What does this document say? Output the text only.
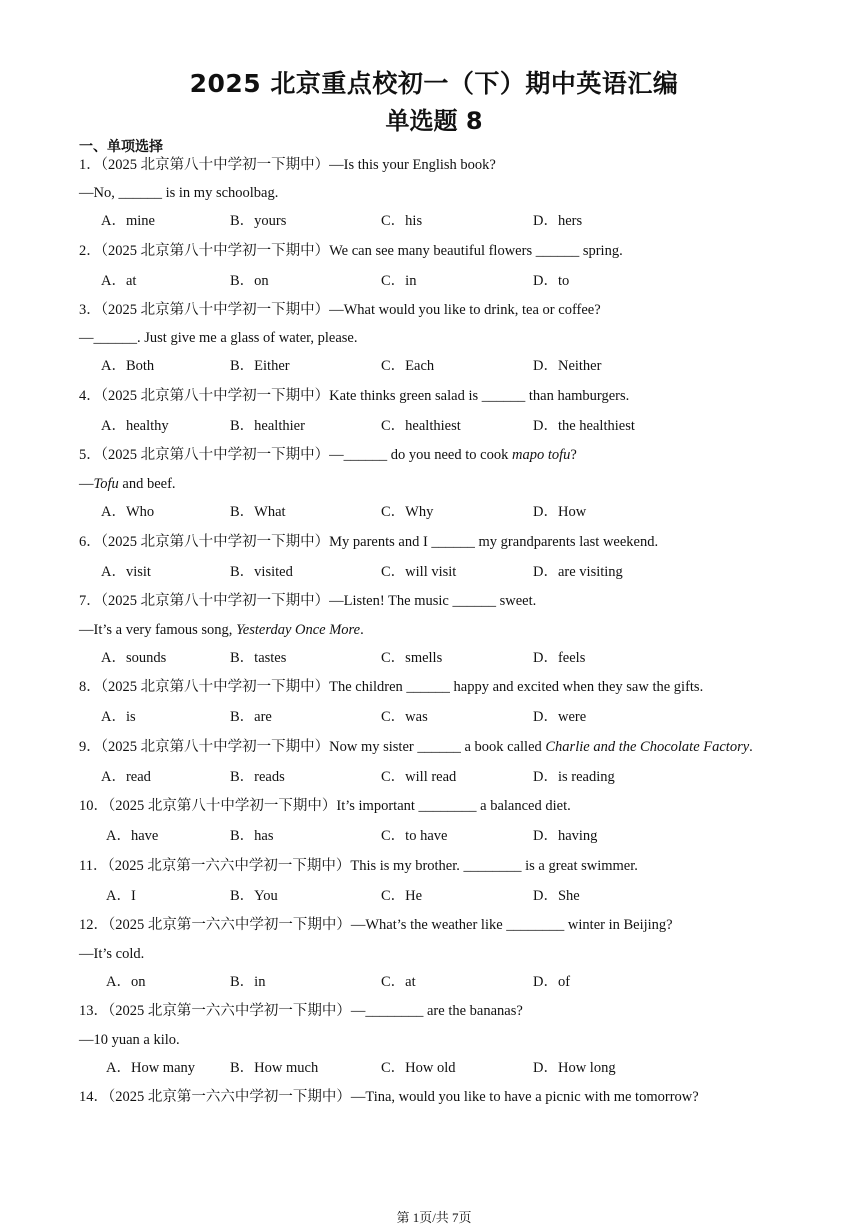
2025 北京重点校初一（下）期中英语汇编
单选题 8
一、单项选择
1．（2025 北京第八十中学初一下期中）—Is this your English book?
—No, ______ is in my schoolbag.
A．mine	B．yours	C．his	D．hers
2．（2025 北京第八十中学初一下期中）We can see many beautiful flowers ______ spring.
A．at	B．on	C．in	D．to
3．（2025 北京第八十中学初一下期中）—What would you like to drink, tea or coffee?
—______. Just give me a glass of water, please.
A．Both	B．Either	C．Each	D．Neither
4．（2025 北京第八十中学初一下期中）Kate thinks green salad is ______ than hamburgers.
A．healthy	B．healthier	C．healthiest	D．the healthiest
5．（2025 北京第八十中学初一下期中）—______ do you need to cook mapo tofu?
—Tofu and beef.
A．Who	B．What	C．Why	D．How
6．（2025 北京第八十中学初一下期中）My parents and I ______ my grandparents last weekend.
A．visit	B．visited	C．will visit	D．are visiting
7．（2025 北京第八十中学初一下期中）—Listen! The music ______ sweet.
—It’s a very famous song, Yesterday Once More.
A．sounds	B．tastes	C．smells	D．feels
8．（2025 北京第八十中学初一下期中）The children ______ happy and excited when they saw the gifts.
A．is	B．are	C．was	D．were
9．（2025 北京第八十中学初一下期中）Now my sister ______ a book called Charlie and the Chocolate Factory.
A．read	B．reads	C．will read	D．is reading
10．（2025 北京第八十中学初一下期中）It’s important ________ a balanced diet.
A．have	B．has	C．to have	D．having
11．（2025 北京第一六六中学初一下期中）This is my brother. ________ is a great swimmer.
A．I	B．You	C．He	D．She
12．（2025 北京第一六六中学初一下期中）—What’s the weather like ________ winter in Beijing?
—It’s cold.
A．on	B．in	C．at	D．of
13．（2025 北京第一六六中学初一下期中）—________ are the bananas?
—10 yuan a kilo.
A．How many B．How much	C．How old	D．How long
14．（2025 北京第一六六中学初一下期中）—Tina, would you like to have a picnic with me tomorrow?
第 1页/共 7页
